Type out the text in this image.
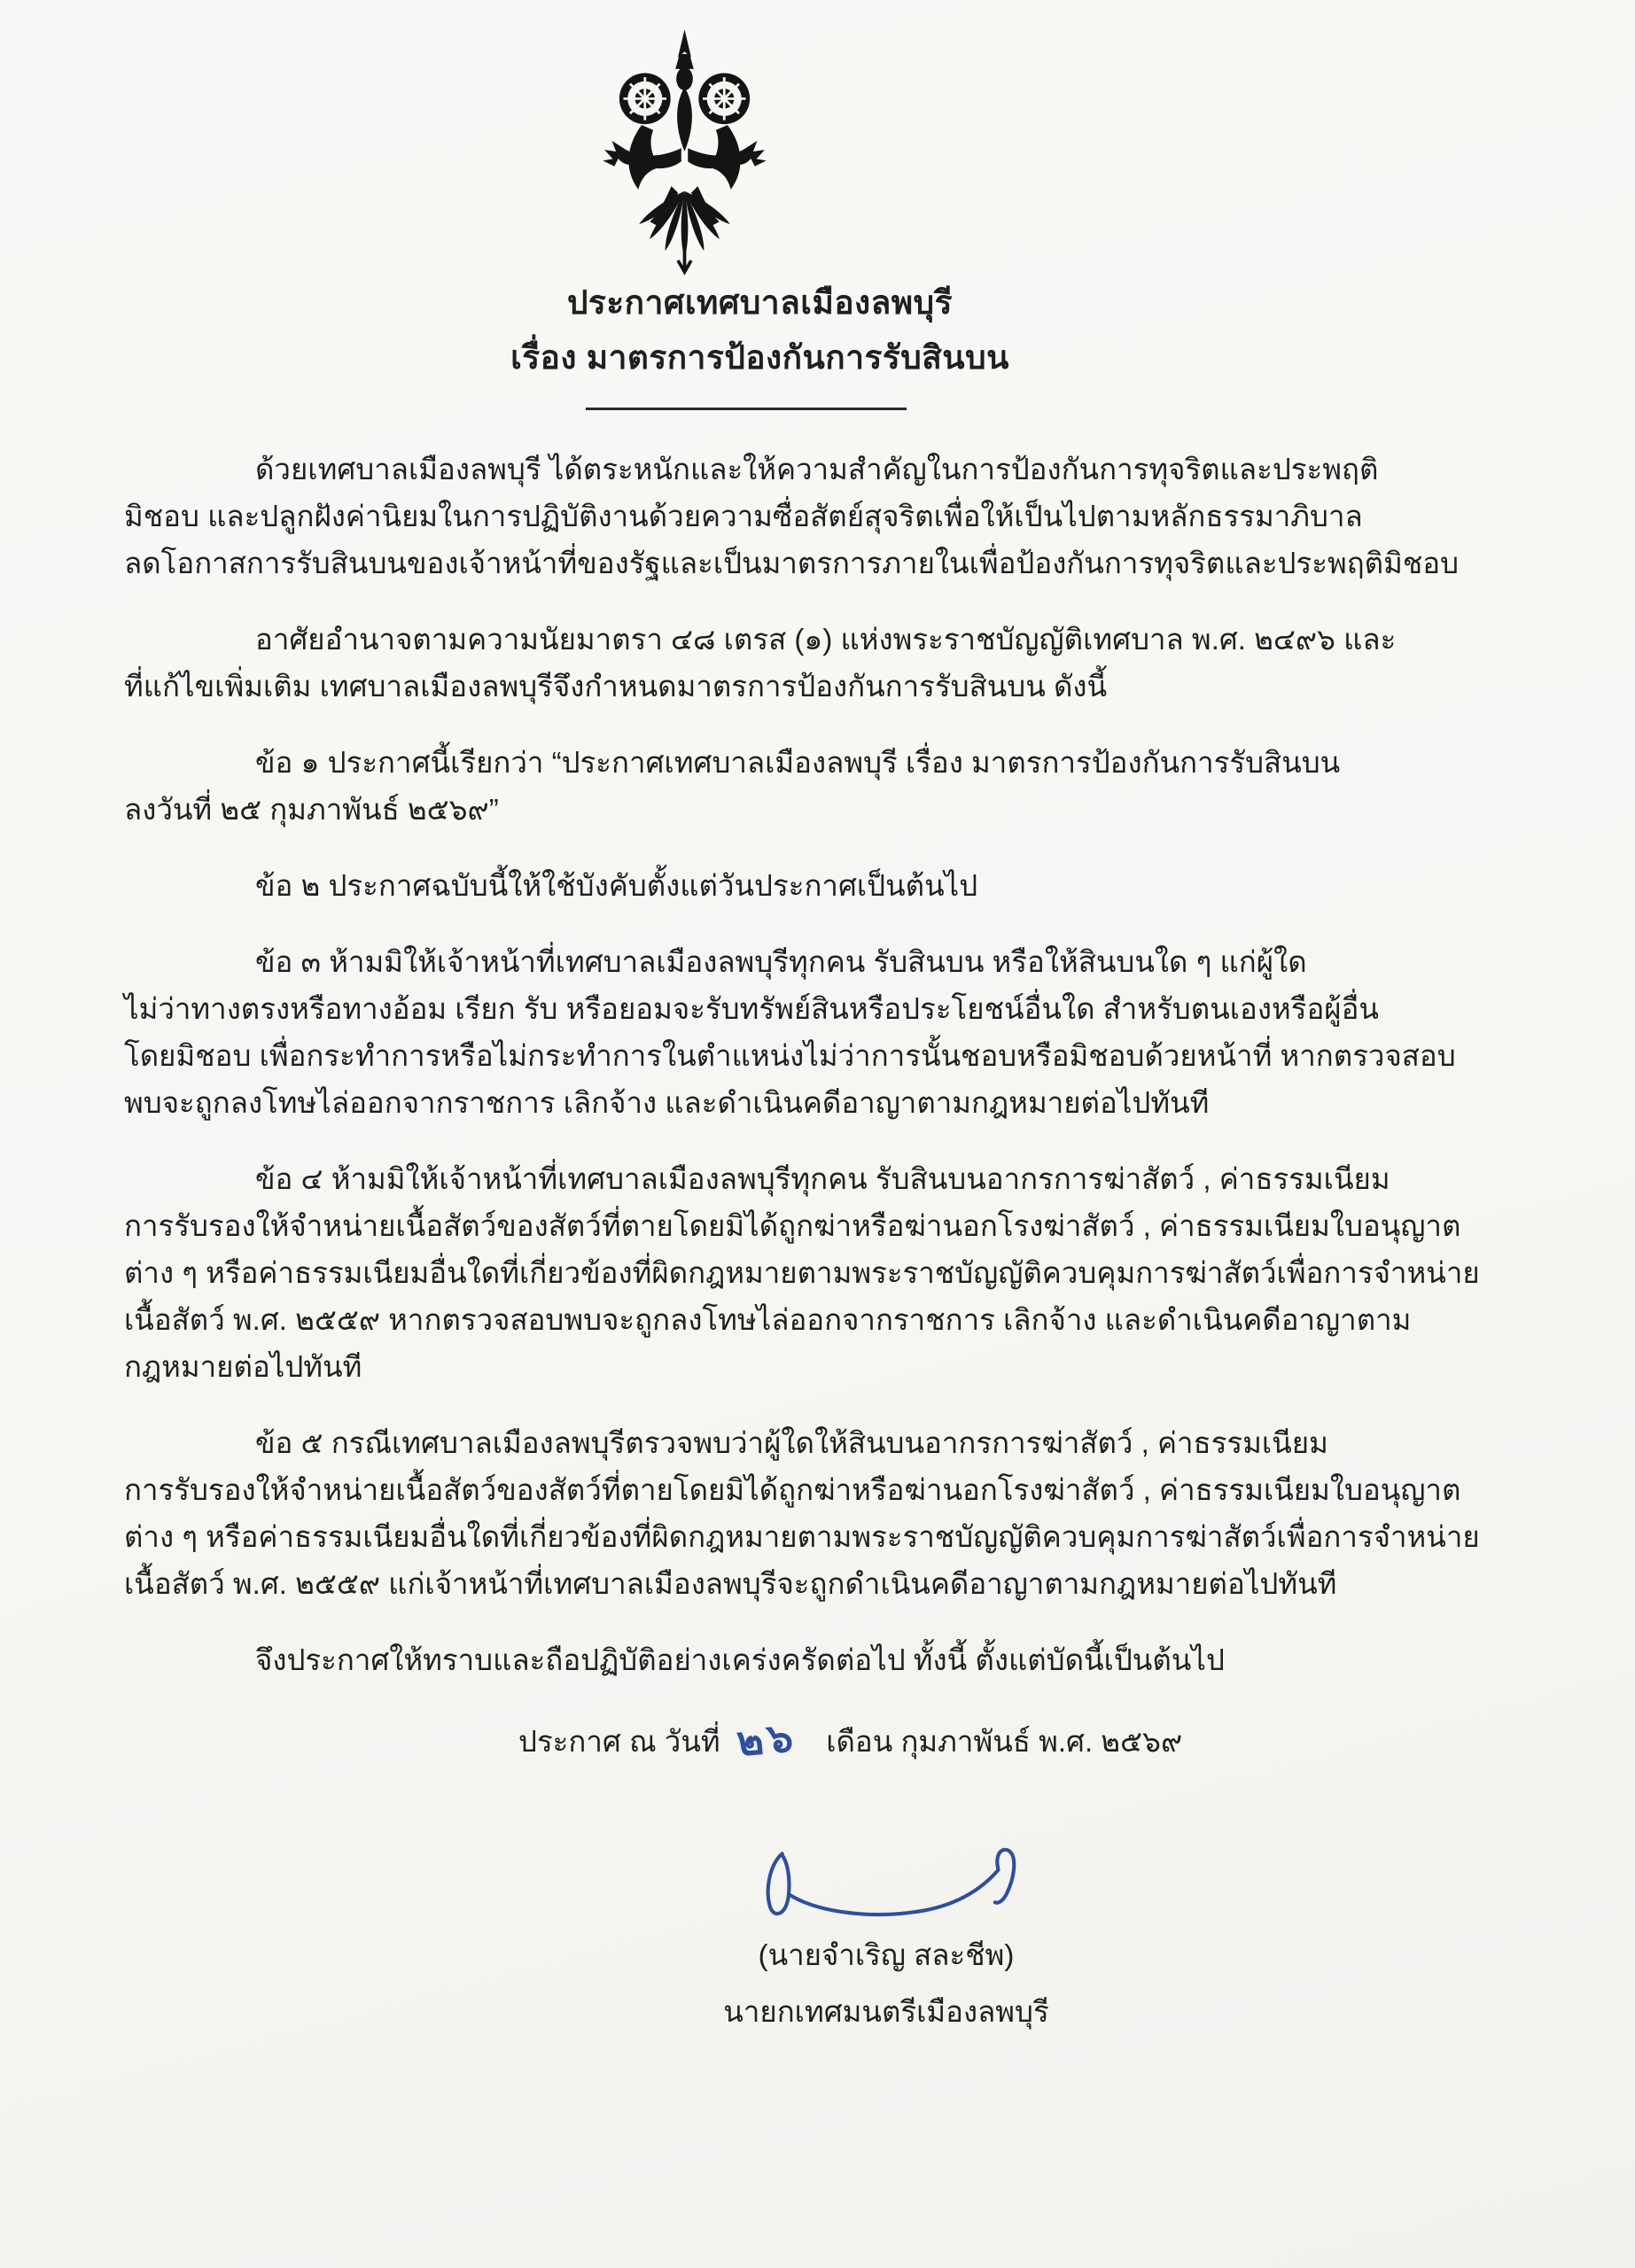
ประกาศเทศบาลเมืองลพบุรี
เรื่อง มาตรการป้องกันการรับสินบน
ด้วยเทศบาลเมืองลพบุรี ได้ตระหนักและให้ความสำคัญในการป้องกันการทุจริตและประพฤติ
มิชอบ และปลูกฝังค่านิยมในการปฏิบัติงานด้วยความซื่อสัตย์สุจริตเพื่อให้เป็นไปตามหลักธรรมาภิบาล
ลดโอกาสการรับสินบนของเจ้าหน้าที่ของรัฐและเป็นมาตรการภายในเพื่อป้องกันการทุจริตและประพฤติมิชอบ
อาศัยอำนาจตามความนัยมาตรา ๔๘ เตรส (๑) แห่งพระราชบัญญัติเทศบาล พ.ศ. ๒๔๙๖ และ
ที่แก้ไขเพิ่มเติม เทศบาลเมืองลพบุรีจึงกำหนดมาตรการป้องกันการรับสินบน ดังนี้
ข้อ ๑ ประกาศนี้เรียกว่า “ประกาศเทศบาลเมืองลพบุรี เรื่อง มาตรการป้องกันการรับสินบน
ลงวันที่ ๒๕ กุมภาพันธ์ ๒๕๖๙”
ข้อ ๒ ประกาศฉบับนี้ให้ใช้บังคับตั้งแต่วันประกาศเป็นต้นไป
ข้อ ๓ ห้ามมิให้เจ้าหน้าที่เทศบาลเมืองลพบุรีทุกคน รับสินบน หรือให้สินบนใด ๆ แก่ผู้ใด
ไม่ว่าทางตรงหรือทางอ้อม เรียก รับ หรือยอมจะรับทรัพย์สินหรือประโยชน์อื่นใด สำหรับตนเองหรือผู้อื่น
โดยมิชอบ เพื่อกระทำการหรือไม่กระทำการในตำแหน่งไม่ว่าการนั้นชอบหรือมิชอบด้วยหน้าที่ หากตรวจสอบ
พบจะถูกลงโทษไล่ออกจากราชการ เลิกจ้าง และดำเนินคดีอาญาตามกฎหมายต่อไปทันที
ข้อ ๔ ห้ามมิให้เจ้าหน้าที่เทศบาลเมืองลพบุรีทุกคน รับสินบนอากรการฆ่าสัตว์ , ค่าธรรมเนียม
การรับรองให้จำหน่ายเนื้อสัตว์ของสัตว์ที่ตายโดยมิได้ถูกฆ่าหรือฆ่านอกโรงฆ่าสัตว์ , ค่าธรรมเนียมใบอนุญาต
ต่าง ๆ หรือค่าธรรมเนียมอื่นใดที่เกี่ยวข้องที่ผิดกฎหมายตามพระราชบัญญัติควบคุมการฆ่าสัตว์เพื่อการจำหน่าย
เนื้อสัตว์ พ.ศ. ๒๕๕๙ หากตรวจสอบพบจะถูกลงโทษไล่ออกจากราชการ เลิกจ้าง และดำเนินคดีอาญาตาม
กฎหมายต่อไปทันที
ข้อ ๕ กรณีเทศบาลเมืองลพบุรีตรวจพบว่าผู้ใดให้สินบนอากรการฆ่าสัตว์ , ค่าธรรมเนียม
การรับรองให้จำหน่ายเนื้อสัตว์ของสัตว์ที่ตายโดยมิได้ถูกฆ่าหรือฆ่านอกโรงฆ่าสัตว์ , ค่าธรรมเนียมใบอนุญาต
ต่าง ๆ หรือค่าธรรมเนียมอื่นใดที่เกี่ยวข้องที่ผิดกฎหมายตามพระราชบัญญัติควบคุมการฆ่าสัตว์เพื่อการจำหน่าย
เนื้อสัตว์ พ.ศ. ๒๕๕๙ แก่เจ้าหน้าที่เทศบาลเมืองลพบุรีจะถูกดำเนินคดีอาญาตามกฎหมายต่อไปทันที
จึงประกาศให้ทราบและถือปฏิบัติอย่างเคร่งครัดต่อไป ทั้งนี้ ตั้งแต่บัดนี้เป็นต้นไป
ประกาศ ณ วันที่ ๒๖ เดือน กุมภาพันธ์ พ.ศ. ๒๕๖๙
(นายจำเริญ สละชีพ)
นายกเทศมนตรีเมืองลพบุรี
